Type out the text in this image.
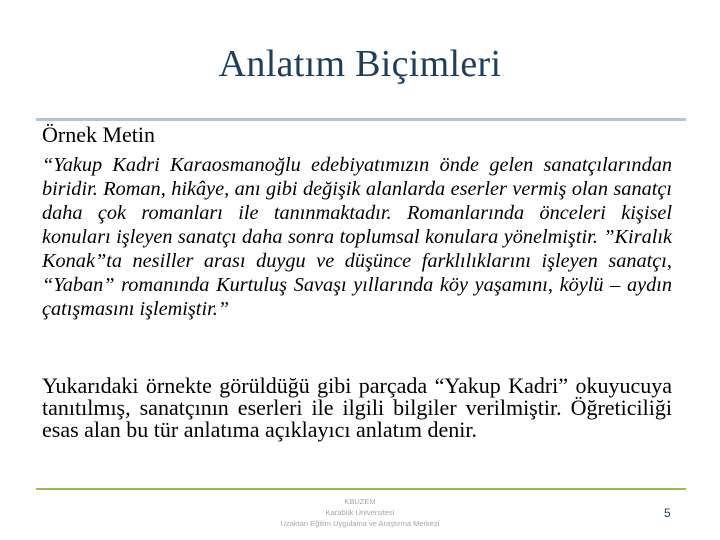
Anlatım Biçimleri
Örnek Metin

“Yakup Kadri Karaosmanoğlu edebiyatımızın önde gelen sanatçılarından biridir. Roman, hikâye, anı gibi değişik alanlarda eserler vermiş olan sanatçı daha çok romanları ile tanınmaktadır. Romanlarında önceleri kişisel konuları işleyen sanatçı daha sonra toplumsal konulara yönelmiştir. ”Kiralık Konak”ta nesiller arası duygu ve düşünce farklılıklarını işleyen sanatçı, “Yaban” romanında Kurtuluş Savaşı yıllarında köy yaşamını, köylü – aydın çatışmasını işlemiştir.”

Yukarıdaki örnekte görüldüğü gibi parçada “Yakup Kadri” okuyucuya tanıtılmış, sanatçının eserleri ile ilgili bilgiler verilmiştir. Öğreticiliği esas alan bu tür anlatıma açıklayıcı anlatım denir.

KBUZEM
Karabük Üniversitesi
Uzaktan Eğitim Uygulama ve Araştırma Merkezi
5
